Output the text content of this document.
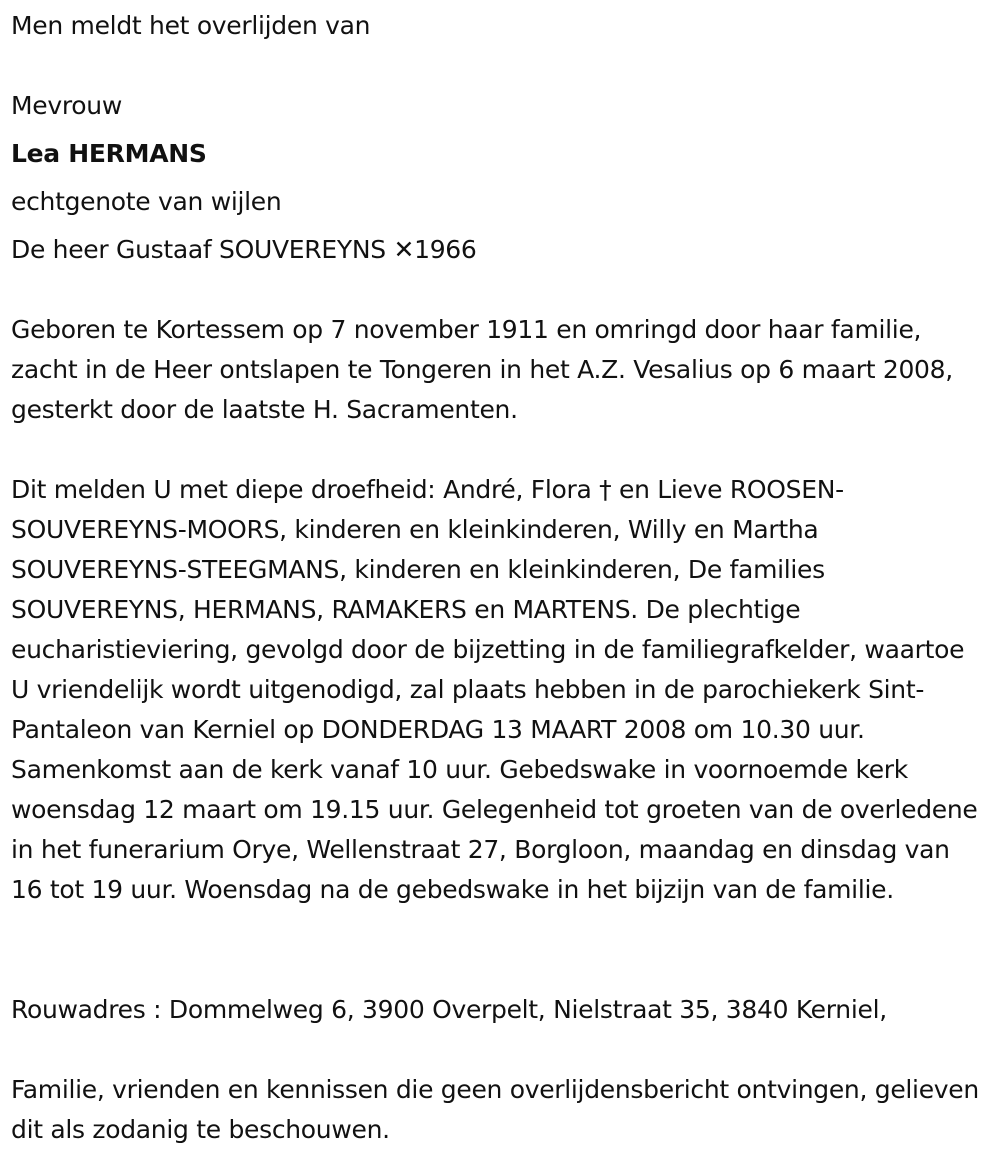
Men meldt het overlijden van
Mevrouw
Lea HERMANS
echtgenote van wijlen
De heer Gustaaf SOUVEREYNS ✕1966
Geboren te Kortessem op 7 november 1911 en omringd door haar familie, zacht in de Heer ontslapen te Tongeren in het A.Z. Vesalius op 6 maart 2008, gesterkt door de laatste H. Sacramenten.
Dit melden U met diepe droefheid: André, Flora † en Lieve ROOSEN-SOUVEREYNS-MOORS, kinderen en kleinkinderen, Willy en Martha SOUVEREYNS-STEEGMANS, kinderen en kleinkinderen, De families SOUVEREYNS, HERMANS, RAMAKERS en MARTENS. De plechtige eucharistieviering, gevolgd door de bijzetting in de familiegrafkelder, waartoe U vriendelijk wordt uitgenodigd, zal plaats hebben in de parochiekerk Sint-Pantaleon van Kerniel op DONDERDAG 13 MAART 2008 om 10.30 uur. Samenkomst aan de kerk vanaf 10 uur. Gebedswake in voornoemde kerk woensdag 12 maart om 19.15 uur. Gelegenheid tot groeten van de overledene in het funerarium Orye, Wellenstraat 27, Borgloon, maandag en dinsdag van 16 tot 19 uur. Woensdag na de gebedswake in het bijzijn van de familie.
Rouwadres : Dommelweg 6, 3900 Overpelt, Nielstraat 35, 3840 Kerniel,
Familie, vrienden en kennissen die geen overlijdensbericht ontvingen, gelieven dit als zodanig te beschouwen.
